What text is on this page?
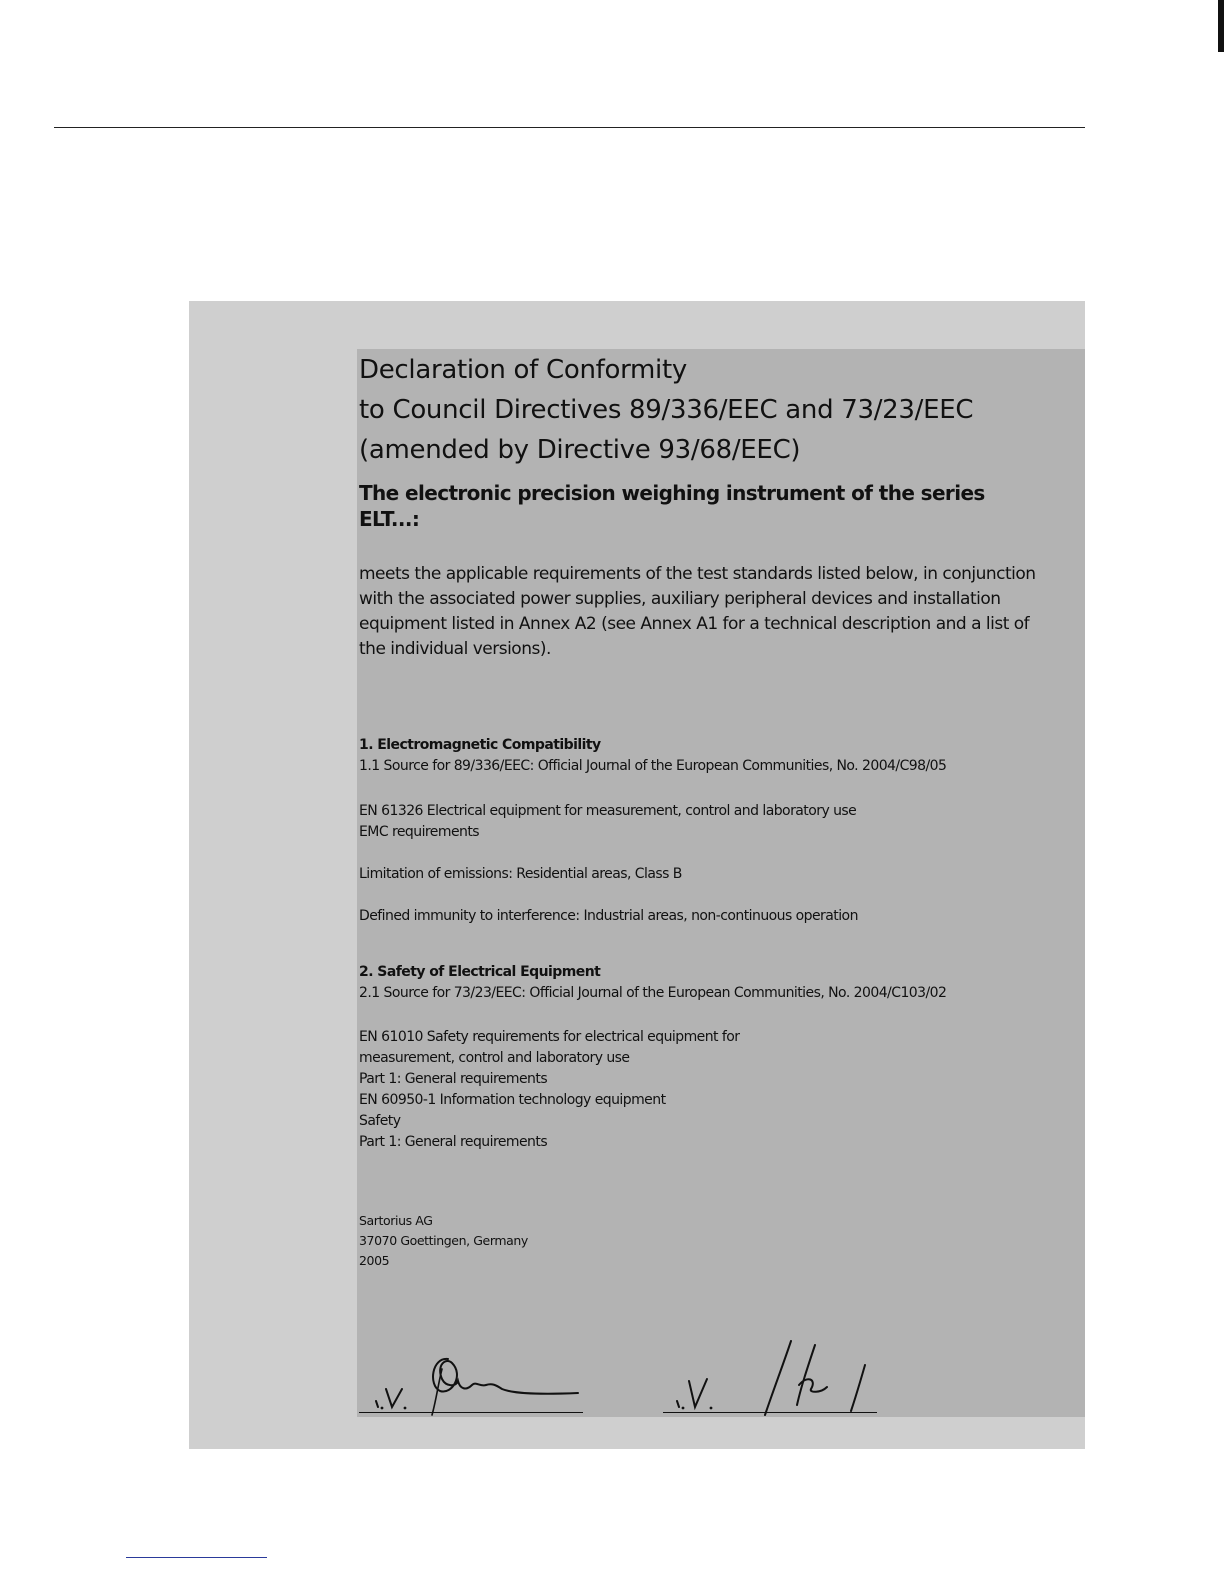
Declaration of Conformity
to Council Directives 89/336/EEC and 73/23/EEC
(amended by Directive 93/68/EEC)
The electronic precision weighing instrument of the series
ELT...:
meets the applicable requirements of the test standards listed below, in conjunction
with the associated power supplies, auxiliary peripheral devices and installation
equipment listed in Annex A2 (see Annex A1 for a technical description and a list of
the individual versions).
1. Electromagnetic Compatibility
1.1 Source for 89/336/EEC: Official Journal of the European Communities, No. 2004/C98/05
EN 61326 Electrical equipment for measurement, control and laboratory use
EMC requirements
Limitation of emissions: Residential areas, Class B
Defined immunity to interference: Industrial areas, non-continuous operation
2. Safety of Electrical Equipment
2.1 Source for 73/23/EEC: Official Journal of the European Communities, No. 2004/C103/02
EN 61010 Safety requirements for electrical equipment for
measurement, control and laboratory use
Part 1: General requirements
EN 60950-1 Information technology equipment
Safety
Part 1: General requirements
Sartorius AG
37070 Goettingen, Germany
2005
